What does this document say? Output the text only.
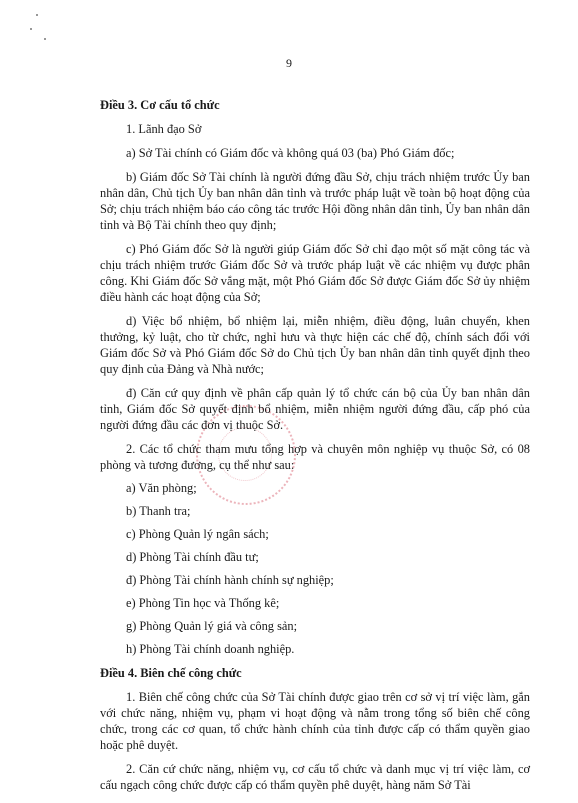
9

Điều 3. Cơ cấu tổ chức

1. Lãnh đạo Sở

a) Sở Tài chính có Giám đốc và không quá 03 (ba) Phó Giám đốc;

b) Giám đốc Sở Tài chính là người đứng đầu Sở, chịu trách nhiệm trước Ủy ban nhân dân, Chủ tịch Ủy ban nhân dân tỉnh và trước pháp luật về toàn bộ hoạt động của Sở; chịu trách nhiệm báo cáo công tác trước Hội đồng nhân dân tỉnh, Ủy ban nhân dân tỉnh và Bộ Tài chính theo quy định;

c) Phó Giám đốc Sở là người giúp Giám đốc Sở chỉ đạo một số mặt công tác và chịu trách nhiệm trước Giám đốc Sở và trước pháp luật về các nhiệm vụ được phân công. Khi Giám đốc Sở vắng mặt, một Phó Giám đốc Sở được Giám đốc Sở ủy nhiệm điều hành các hoạt động của Sở;

d) Việc bổ nhiệm, bổ nhiệm lại, miễn nhiệm, điều động, luân chuyển, khen thưởng, kỷ luật, cho từ chức, nghỉ hưu và thực hiện các chế độ, chính sách đối với Giám đốc Sở và Phó Giám đốc Sở do Chủ tịch Ủy ban nhân dân tỉnh quyết định theo quy định của Đảng và Nhà nước;

đ) Căn cứ quy định về phân cấp quản lý tổ chức cán bộ của Ủy ban nhân dân tỉnh, Giám đốc Sở quyết định bổ nhiệm, miễn nhiệm người đứng đầu, cấp phó của người đứng đầu các đơn vị thuộc Sở.

2. Các tổ chức tham mưu tổng hợp và chuyên môn nghiệp vụ thuộc Sở, có 08 phòng và tương đương, cụ thể như sau:

a) Văn phòng;

b) Thanh tra;

c) Phòng Quản lý ngân sách;

d) Phòng Tài chính đầu tư;

đ) Phòng Tài chính hành chính sự nghiệp;

e) Phòng Tin học và Thống kê;

g) Phòng Quản lý giá và công sản;

h) Phòng Tài chính doanh nghiệp.

Điều 4. Biên chế công chức

1. Biên chế công chức của Sở Tài chính được giao trên cơ sở vị trí việc làm, gắn với chức năng, nhiệm vụ, phạm vi hoạt động và nằm trong tổng số biên chế công chức, trong các cơ quan, tổ chức hành chính của tỉnh được cấp có thẩm quyền giao hoặc phê duyệt.

2. Căn cứ chức năng, nhiệm vụ, cơ cấu tổ chức và danh mục vị trí việc làm, cơ cấu ngạch công chức được cấp có thẩm quyền phê duyệt, hàng năm Sở Tài
